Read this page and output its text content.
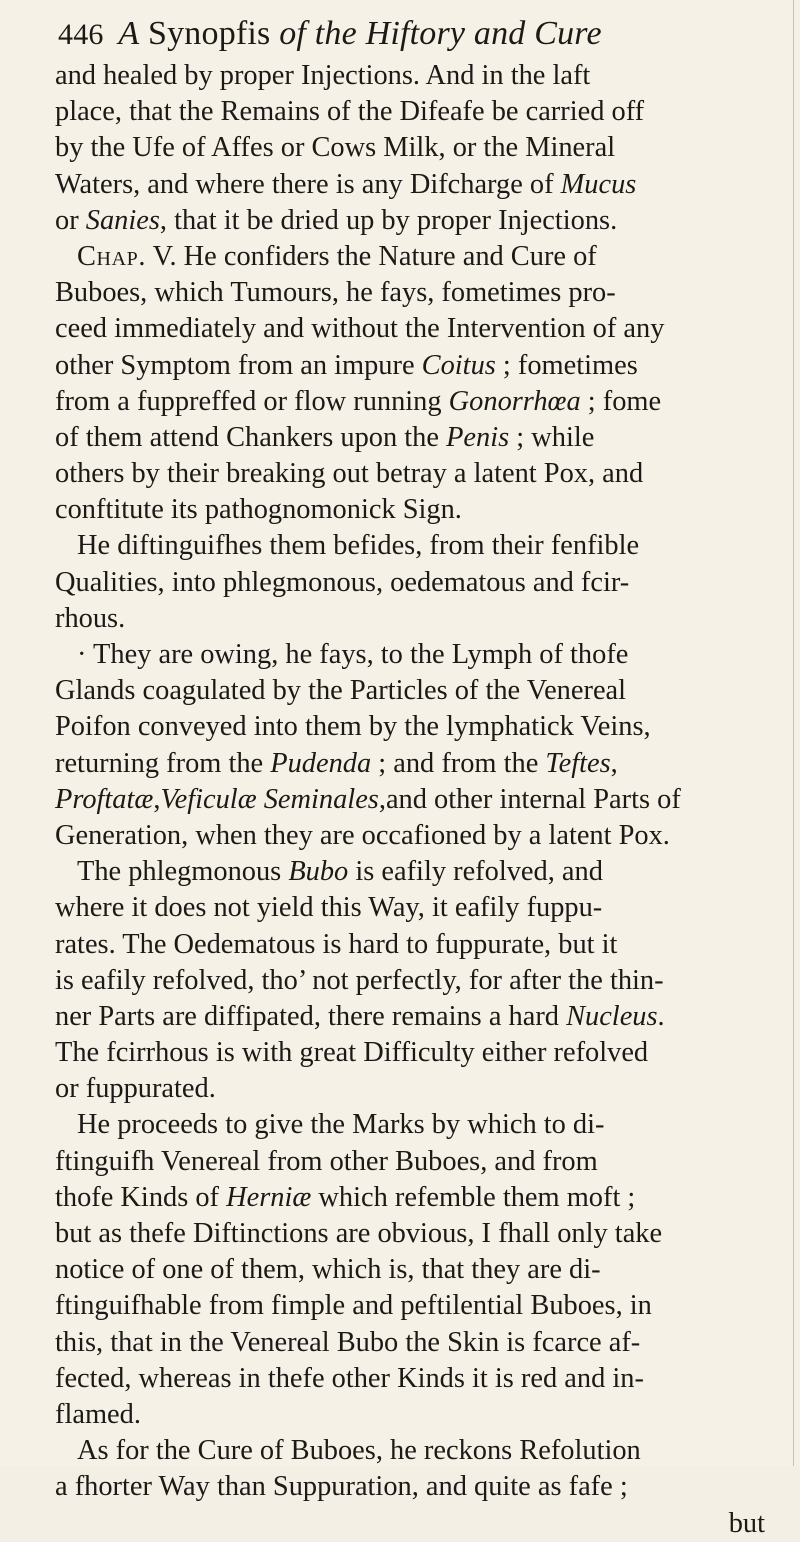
446 A Synopfis of the Hiftory and Cure
and healed by proper Injections. And in the laft
place, that the Remains of the Difeafe be carried off
by the Ufe of Affes or Cows Milk, or the Mineral
Waters, and where there is any Difcharge of Mucus
or Sanies, that it be dried up by proper Injections.
Chap. V. He confiders the Nature and Cure of
Buboes, which Tumours, he fays, fometimes pro-
ceed immediately and without the Intervention of any
other Symptom from an impure Coitus ; fometimes
from a fuppreffed or flow running Gonorrhœa ; fome
of them attend Chankers upon the Penis ; while
others by their breaking out betray a latent Pox, and
conftitute its pathognomonick Sign.
He diftinguifhes them befides, from their fenfible
Qualities, into phlegmonous, oedematous and fcir-
rhous.
· They are owing, he fays, to the Lymph of thofe
Glands coagulated by the Particles of the Venereal
Poifon conveyed into them by the lymphatick Veins,
returning from the Pudenda ; and from the Teftes,
Proftatæ,Veficulæ Seminales,and other internal Parts of
Generation, when they are occafioned by a latent Pox.
The phlegmonous Bubo is eafily refolved, and
where it does not yield this Way, it eafily fuppu-
rates. The Oedematous is hard to fuppurate, but it
is eafily refolved, tho’ not perfectly, for after the thin-
ner Parts are diffipated, there remains a hard Nucleus.
The fcirrhous is with great Difficulty either refolved
or fuppurated.
He proceeds to give the Marks by which to di-
ftinguifh Venereal from other Buboes, and from
thofe Kinds of Herniæ which refemble them moft ;
but as thefe Diftinctions are obvious, I fhall only take
notice of one of them, which is, that they are di-
ftinguifhable from fimple and peftilential Buboes, in
this, that in the Venereal Bubo the Skin is fcarce af-
fected, whereas in thefe other Kinds it is red and in-
flamed.
As for the Cure of Buboes, he reckons Refolution
a fhorter Way than Suppuration, and quite as fafe ;
but
